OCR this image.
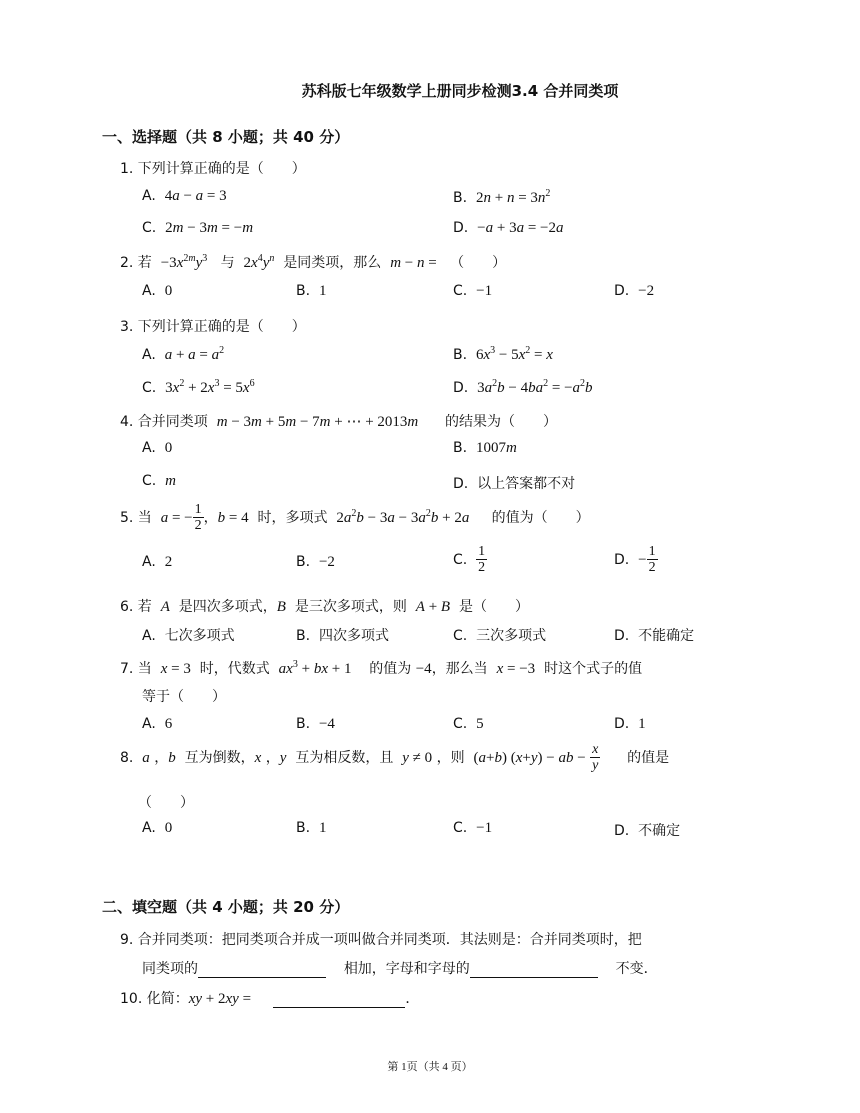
苏科版七年级数学上册同步检测3.4 合并同类项
一、选择题（共 8 小题；共 40 分）
1. 下列计算正确的是（　　）
A. 4a − a = 3	B. $2n + n = 3n^2$
C. 2m − 3m = −m	D. −a + 3a = −2a
2. 若 $-3x^{2m}y^3$ 与 $2x^4y^n$ 是同类项，那么 m − n = （　　）
A. 0	B. 1	C. −1	D. −2
3. 下列计算正确的是（　　）
A. $a + a = a^2$	B. $6x^3 - 5x^2 = x$
C. $3x^2 + 2x^3 = 5x^6$	D. $3a^2b - 4ba^2 = -a^2b$
4. 合并同类项 m − 3m + 5m − 7m + ⋯ + 2013m 的结果为（　　）
A. 0	B. 1007m
C. m	D. 以上答案都不对
5. 当 a = − $\frac{1}{2}$ ，b = 4 时，多项式 $2a^2b - 3a - 3a^2b + 2a$ 的值为（　　）
A. 2	B. −2	C. $\frac{1}{2}$	D. − $\frac{1}{2}$
6. 若 A 是四次多项式，B 是三次多项式，则 A + B 是（　　）
A. 七次多项式	B. 四次多项式	C. 三次多项式	D. 不能确定
7. 当 x = 3 时，代数式 $ax^3$ + bx + 1 的值为 −4，那么当 x = −3 时这个式子的值
等于（　　）
A. 6	B. −4	C. 5	D. 1
8. a ，b 互为倒数，x ，y 互为相反数，且 y ≠ 0 ，则 (a+b) (x+y) − ab − $\frac{x}{y}$ 的值是
（　　）
A. 0	B. 1	C. −1	D. 不确定
二、填空题（共 4 小题；共 20 分）
9. 合并同类项：把同类项合并成一项叫做合并同类项．其法则是：合并同类项时，把
同类项的	相加，字母和字母的	不变．
10. 化简：xy + 2xy =	．
第 1页（共 4 页）
